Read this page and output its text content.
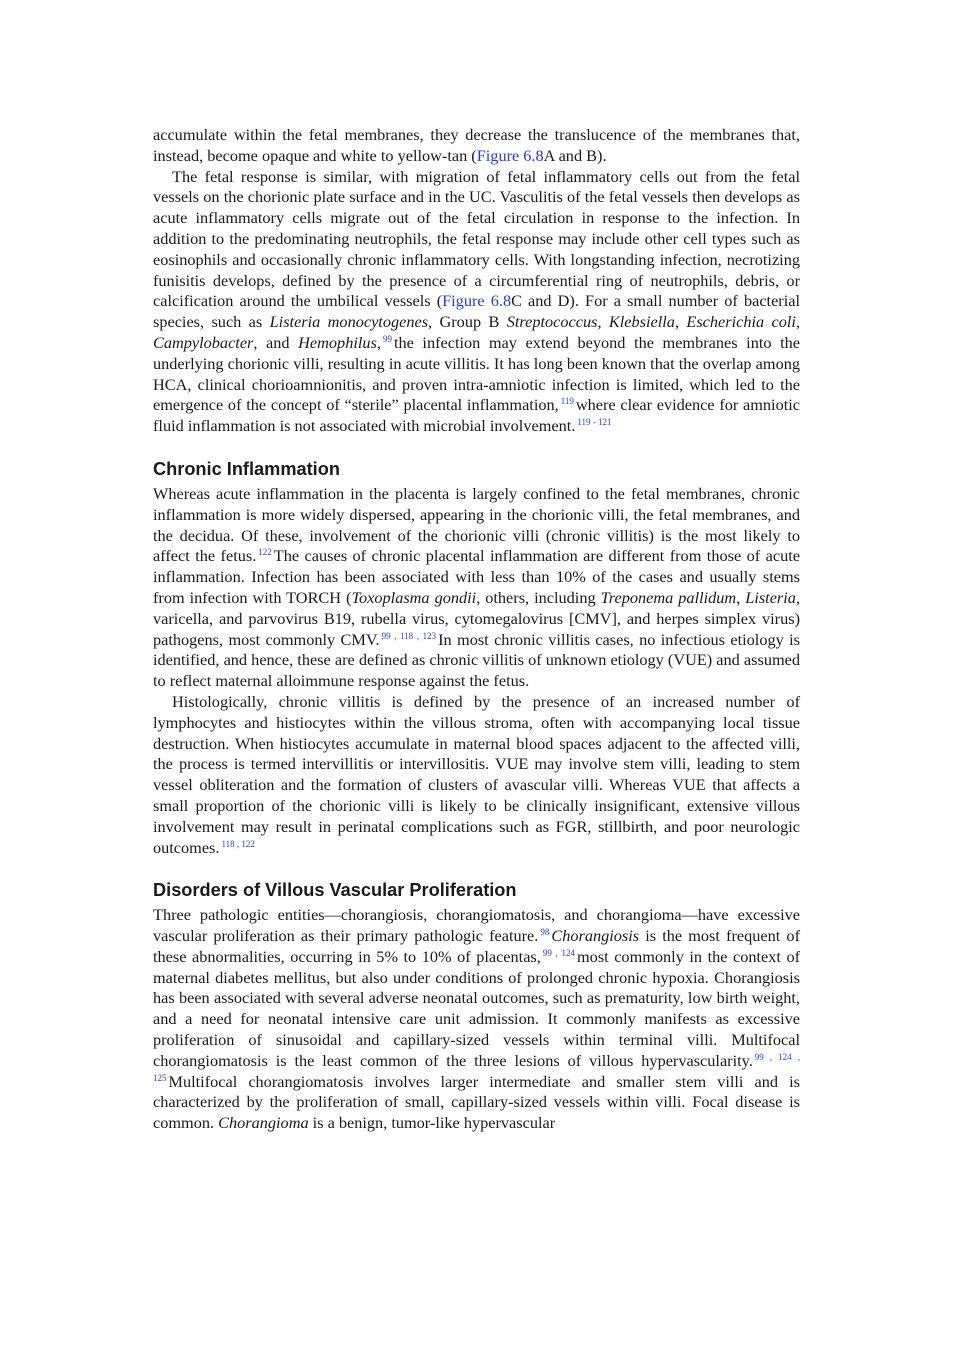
accumulate within the fetal membranes, they decrease the translucence of the membranes that, instead, become opaque and white to yellow-tan (Figure 6.8A and B).

The fetal response is similar, with migration of fetal inflammatory cells out from the fetal vessels on the chorionic plate surface and in the UC. Vasculitis of the fetal vessels then develops as acute inflammatory cells migrate out of the fetal circulation in response to the infection. In addition to the predominating neutrophils, the fetal response may include other cell types such as eosinophils and occasionally chronic inflammatory cells. With longstanding infection, necrotizing funisitis develops, defined by the presence of a circumferential ring of neutrophils, debris, or calcification around the umbilical vessels (Figure 6.8C and D). For a small number of bacterial species, such as Listeria monocytogenes, Group B Streptococcus, Klebsiella, Escherichia coli, Campylobacter, and Hemophilus, $^{99}$ the infection may extend beyond the membranes into the underlying chorionic villi, resulting in acute villitis. It has long been known that the overlap among HCA, clinical chorioamnionitis, and proven intra-amniotic infection is limited, which led to the emergence of the concept of “sterile” placental inflammation, $^{119}$ where clear evidence for amniotic fluid inflammation is not associated with microbial involvement. $^{119 - 121}$

Chronic Inflammation

Whereas acute inflammation in the placenta is largely confined to the fetal membranes, chronic inflammation is more widely dispersed, appearing in the chorionic villi, the fetal membranes, and the decidua. Of these, involvement of the chorionic villi (chronic villitis) is the most likely to affect the fetus. $^{122}$ The causes of chronic placental inflammation are different from those of acute inflammation. Infection has been associated with less than 10% of the cases and usually stems from infection with TORCH (Toxoplasma gondii, others, including Treponema pallidum, Listeria, varicella, and parvovirus B19, rubella virus, cytomegalovirus [CMV], and herpes simplex virus) pathogens, most commonly CMV. $^{99 , 118 , 123}$ In most chronic villitis cases, no infectious etiology is identified, and hence, these are defined as chronic villitis of unknown etiology (VUE) and assumed to reflect maternal alloimmune response against the fetus.

Histologically, chronic villitis is defined by the presence of an increased number of lymphocytes and histiocytes within the villous stroma, often with accompanying local tissue destruction. When histiocytes accumulate in maternal blood spaces adjacent to the affected villi, the process is termed intervillitis or intervillositis. VUE may involve stem villi, leading to stem vessel obliteration and the formation of clusters of avascular villi. Whereas VUE that affects a small proportion of the chorionic villi is likely to be clinically insignificant, extensive villous involvement may result in perinatal complications such as FGR, stillbirth, and poor neurologic outcomes. $^{118 , 122}$

Disorders of Villous Vascular Proliferation

Three pathologic entities—chorangiosis, chorangiomatosis, and chorangioma—have excessive vascular proliferation as their primary pathologic feature. $^{98}$ Chorangiosis is the most frequent of these abnormalities, occurring in 5% to 10% of placentas, $^{99 , 124}$ most commonly in the context of maternal diabetes mellitus, but also under conditions of prolonged chronic hypoxia. Chorangiosis has been associated with several adverse neonatal outcomes, such as prematurity, low birth weight, and a need for neonatal intensive care unit admission. It commonly manifests as excessive proliferation of sinusoidal and capillary-sized vessels within terminal villi. Multifocal chorangiomatosis is the least common of the three lesions of villous hypervascularity. $^{99 , 124 , 125}$ Multifocal chorangiomatosis involves larger intermediate and smaller stem villi and is characterized by the proliferation of small, capillary-sized vessels within villi. Focal disease is common. Chorangioma is a benign, tumor-like hypervascular
